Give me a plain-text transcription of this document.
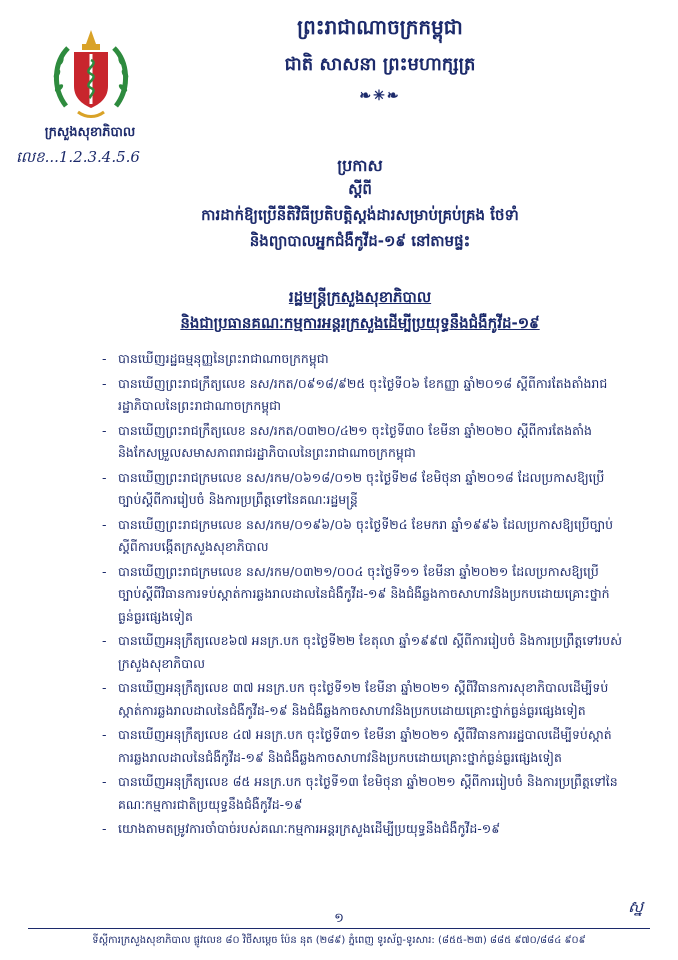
ព្រះរាជាណាចក្រកម្ពុជា
ជាតិ សាសនា ព្រះមហាក្សត្រ
❧✳❧
ក្រសួងសុខាភិបាល
លេខ...1.2.3.4.5.6	ប្រកាស
ស្តីពី
ការដាក់ឱ្យប្រើនីតិវិធីប្រតិបត្តិស្តង់ដារសម្រាប់គ្រប់គ្រង ថែទាំ
និងព្យាបាលអ្នកជំងឺកូវីដ-១៩ នៅតាមផ្ទះ
រដ្ឋមន្ត្រីក្រសួងសុខាភិបាល
និងជាប្រធានគណៈកម្មការអន្តរក្រសួងដើម្បីប្រយុទ្ធនឹងជំងឺកូវីដ-១៩
- បានឃើញរដ្ឋធម្មនុញ្ញនៃព្រះរាជាណាចក្រកម្ពុជា
- បានឃើញព្រះរាជក្រឹត្យលេខ នស/រកត/០៩១៨/៩២៥ ចុះថ្ងៃទី០៦ ខែកញ្ញា ឆ្នាំ២០១៨ ស្តីពីការតែងតាំងរាជរដ្ឋាភិបាលនៃព្រះរាជាណាចក្រកម្ពុជា
- បានឃើញព្រះរាជក្រឹត្យលេខ នស/រកត/០៣២០/៤២១ ចុះថ្ងៃទី៣០ ខែមីនា ឆ្នាំ២០២០ ស្តីពីការតែងតាំង និងកែសម្រួលសមាសភាពរាជរដ្ឋាភិបាលនៃព្រះរាជាណាចក្រកម្ពុជា
- បានឃើញព្រះរាជក្រមលេខ នស/រកម/០៦១៨/០១២ ចុះថ្ងៃទី២៨ ខែមិថុនា ឆ្នាំ២០១៨ ដែលប្រកាសឱ្យប្រើច្បាប់ស្តីពីការរៀបចំ និងការប្រព្រឹត្តទៅនៃគណៈរដ្ឋមន្ត្រី
- បានឃើញព្រះរាជក្រមលេខ នស/រកម/០១៩៦/០៦ ចុះថ្ងៃទី២៤ ខែមករា ឆ្នាំ១៩៩៦ ដែលប្រកាសឱ្យប្រើច្បាប់ស្តីពីការបង្កើតក្រសួងសុខាភិបាល
- បានឃើញព្រះរាជក្រមលេខ នស/រកម/០៣២១/០០៤ ចុះថ្ងៃទី១១ ខែមីនា ឆ្នាំ២០២១ ដែលប្រកាសឱ្យប្រើច្បាប់ស្តីពីវិធានការទប់ស្កាត់ការឆ្លងរាលដាលនៃជំងឺកូវីដ-១៩ និងជំងឺឆ្លងកាចសាហាវនិងប្រកបដោយគ្រោះថ្នាក់ធ្ងន់ធ្ងរផ្សេងទៀត
- បានឃើញអនុក្រឹត្យលេខ៦៧ អនក្រ.បក ចុះថ្ងៃទី២២ ខែតុលា ឆ្នាំ១៩៩៧ ស្តីពីការរៀបចំ និងការប្រព្រឹត្តទៅរបស់ក្រសួងសុខាភិបាល
- បានឃើញអនុក្រឹត្យលេខ ៣៧ អនក្រ.បក ចុះថ្ងៃទី១២ ខែមីនា ឆ្នាំ២០២១ ស្តីពីវិធានការសុខាភិបាលដើម្បីទប់ស្កាត់ការឆ្លងរាលដាលនៃជំងឺកូវីដ-១៩ និងជំងឺឆ្លងកាចសាហាវនិងប្រកបដោយគ្រោះថ្នាក់ធ្ងន់ធ្ងរផ្សេងទៀត
- បានឃើញអនុក្រឹត្យលេខ ៤៧ អនក្រ.បក ចុះថ្ងៃទី៣១ ខែមីនា ឆ្នាំ២០២១ ស្តីពីវិធានការរដ្ឋបាលដើម្បីទប់ស្កាត់ការឆ្លងរាលដាលនៃជំងឺកូវីដ-១៩ និងជំងឺឆ្លងកាចសាហាវនិងប្រកបដោយគ្រោះថ្នាក់ធ្ងន់ធ្ងរផ្សេងទៀត
- បានឃើញអនុក្រឹត្យលេខ ៨៥ អនក្រ.បក ចុះថ្ងៃទី១៣ ខែមិថុនា ឆ្នាំ២០២១ ស្តីពីការរៀបចំ និងការប្រព្រឹត្តទៅនៃគណៈកម្មការជាតិប្រយុទ្ធនឹងជំងឺកូវីដ-១៩
- យោងតាមតម្រូវការចាំបាច់របស់គណៈកម្មការអន្តរក្រសួងដើម្បីប្រយុទ្ធនឹងជំងឺកូវីដ-១៩
១
ស្ន
ទីស្តីការក្រសួងសុខាភិបាល ផ្លូវលេខ ៨០ វិថីសម្តេច ប៉ែន នុត (២៨៩) ភ្នំពេញ ទូរស័ព្ទ-ទូរសារ: (៨៥៥-២៣) ៨៨៥ ៩៧០/៨៨៤ ៩០៩
